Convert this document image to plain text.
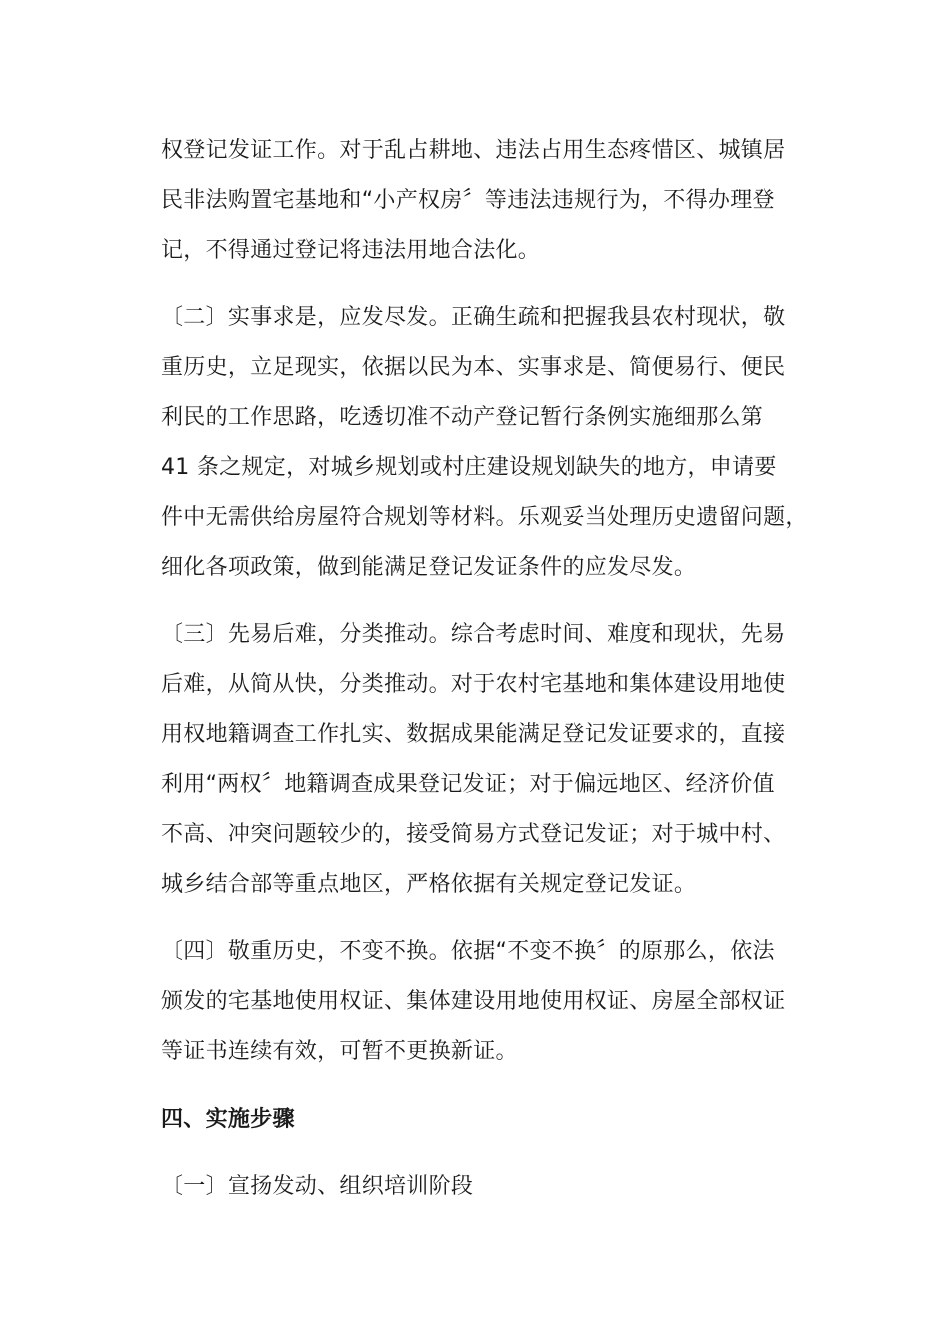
权登记发证工作。对于乱占耕地、违法占用生态疼惜区、城镇居
民非法购置宅基地和“小产权房〞等违法违规行为，不得办理登
记，不得通过登记将违法用地合法化。
〔二〕实事求是，应发尽发。正确生疏和把握我县农村现状，敬
重历史，立足现实，依据以民为本、实事求是、简便易行、便民
利民的工作思路，吃透切准不动产登记暂行条例实施细那么第
41 条之规定，对城乡规划或村庄建设规划缺失的地方，申请要
件中无需供给房屋符合规划等材料。乐观妥当处理历史遗留问题，
细化各项政策，做到能满足登记发证条件的应发尽发。
〔三〕先易后难，分类推动。综合考虑时间、难度和现状，先易
后难，从简从快，分类推动。对于农村宅基地和集体建设用地使
用权地籍调查工作扎实、数据成果能满足登记发证要求的，直接
利用“两权〞地籍调查成果登记发证；对于偏远地区、经济价值
不高、冲突问题较少的，接受简易方式登记发证；对于城中村、
城乡结合部等重点地区，严格依据有关规定登记发证。
〔四〕敬重历史，不变不换。依据“不变不换〞的原那么，依法
颁发的宅基地使用权证、集体建设用地使用权证、房屋全部权证
等证书连续有效，可暂不更换新证。
四、实施步骤
〔一〕宣扬发动、组织培训阶段
